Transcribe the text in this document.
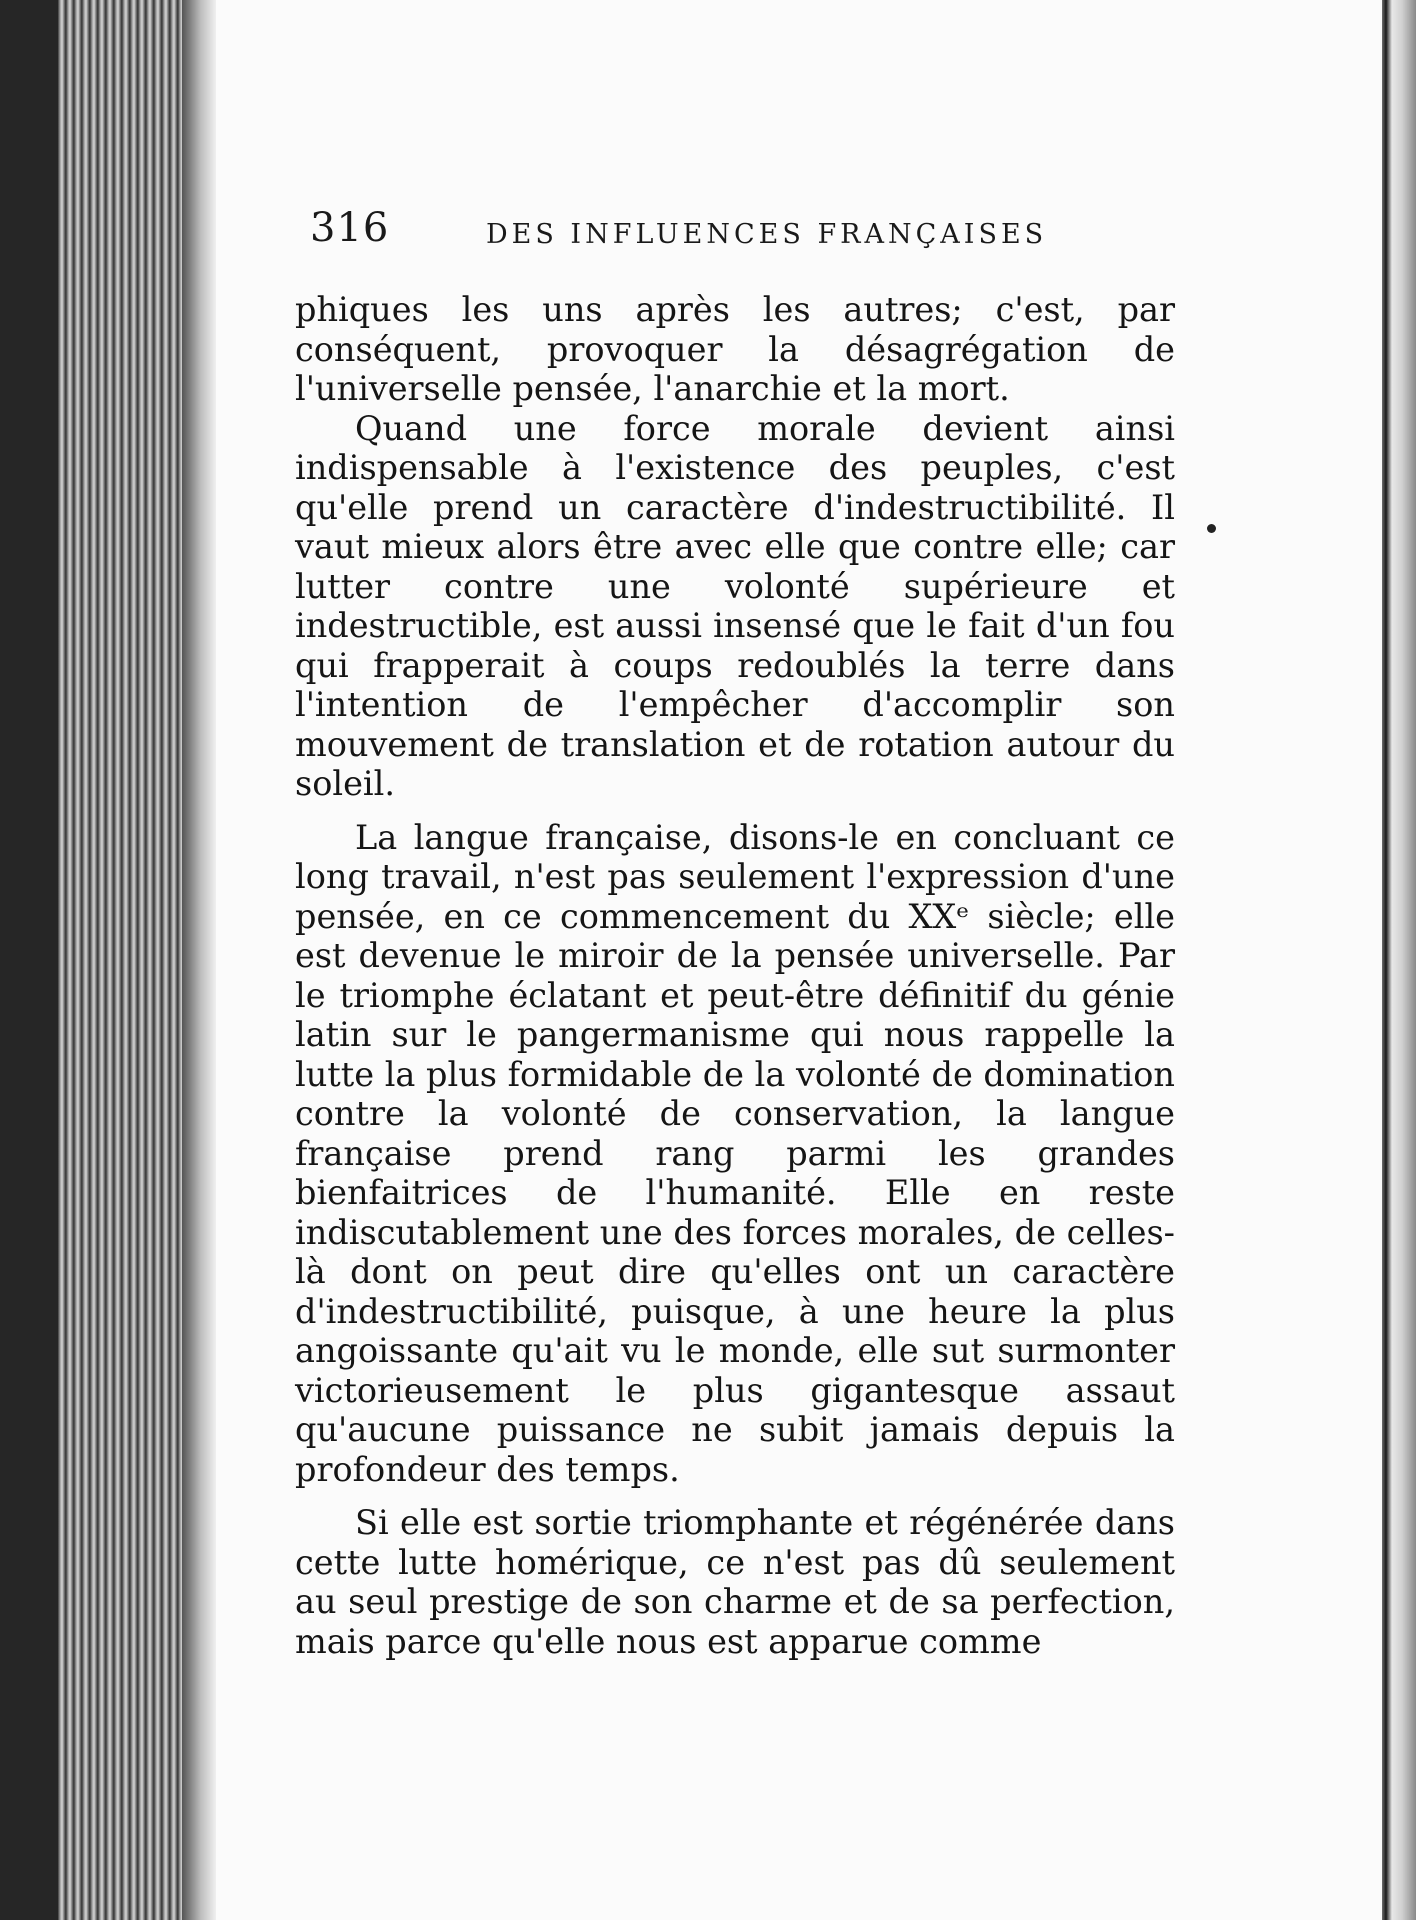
316	DES INFLUENCES FRANÇAISES

phiques les uns après les autres; c'est, par conséquent, provoquer la désagrégation de l'universelle pensée, l'anarchie et la mort.

Quand une force morale devient ainsi indispensable à l'existence des peuples, c'est qu'elle prend un caractère d'indestructibilité. Il vaut mieux alors être avec elle que contre elle; car lutter contre une volonté supérieure et indestructible, est aussi insensé que le fait d'un fou qui frapperait à coups redoublés la terre dans l'intention de l'empêcher d'accomplir son mouvement de translation et de rotation autour du soleil.

La langue française, disons-le en concluant ce long travail, n'est pas seulement l'expression d'une pensée, en ce commencement du XXᵉ siècle; elle est devenue le miroir de la pensée universelle. Par le triomphe éclatant et peut-être définitif du génie latin sur le pangermanisme qui nous rappelle la lutte la plus formidable de la volonté de domination contre la volonté de conservation, la langue française prend rang parmi les grandes bienfaitrices de l'humanité. Elle en reste indiscutablement une des forces morales, de celles-là dont on peut dire qu'elles ont un caractère d'indestructibilité, puisque, à une heure la plus angoissante qu'ait vu le monde, elle sut surmonter victorieusement le plus gigantesque assaut qu'aucune puissance ne subit jamais depuis la profondeur des temps.

Si elle est sortie triomphante et régénérée dans cette lutte homérique, ce n'est pas dû seulement au seul prestige de son charme et de sa perfection, mais parce qu'elle nous est apparue comme
